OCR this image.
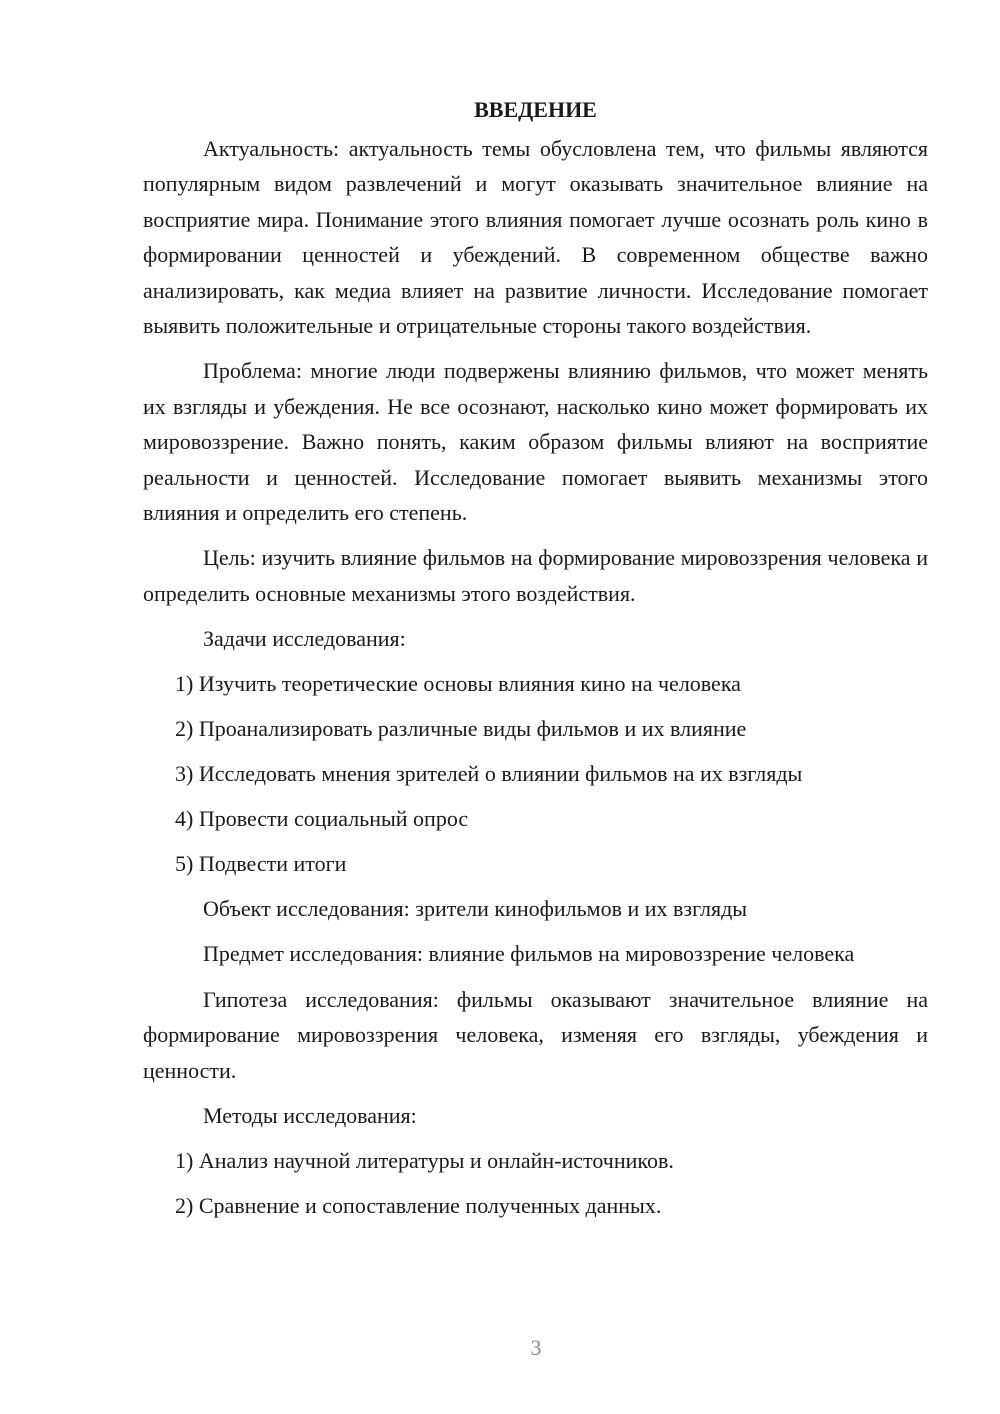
ВВЕДЕНИЕ

Актуальность: актуальность темы обусловлена тем, что фильмы являются популярным видом развлечений и могут оказывать значительное влияние на восприятие мира. Понимание этого влияния помогает лучше осознать роль кино в формировании ценностей и убеждений. В современном обществе важно анализировать, как медиа влияет на развитие личности. Исследование помогает выявить положительные и отрицательные стороны такого воздействия.

Проблема: многие люди подвержены влиянию фильмов, что может менять их взгляды и убеждения. Не все осознают, насколько кино может формировать их мировоззрение. Важно понять, каким образом фильмы влияют на восприятие реальности и ценностей. Исследование помогает выявить механизмы этого влияния и определить его степень.

Цель: изучить влияние фильмов на формирование мировоззрения человека и определить основные механизмы этого воздействия.

Задачи исследования:
1) Изучить теоретические основы влияния кино на человека
2) Проанализировать различные виды фильмов и их влияние
3) Исследовать мнения зрителей о влиянии фильмов на их взгляды
4) Провести социальный опрос
5) Подвести итоги
Объект исследования: зрители кинофильмов и их взгляды

Предмет исследования: влияние фильмов на мировоззрение человека

Гипотеза исследования: фильмы оказывают значительное влияние на формирование мировоззрения человека, изменяя его взгляды, убеждения и ценности.

Методы исследования:
1) Анализ научной литературы и онлайн-источников.
2) Сравнение и сопоставление полученных данных.
3
